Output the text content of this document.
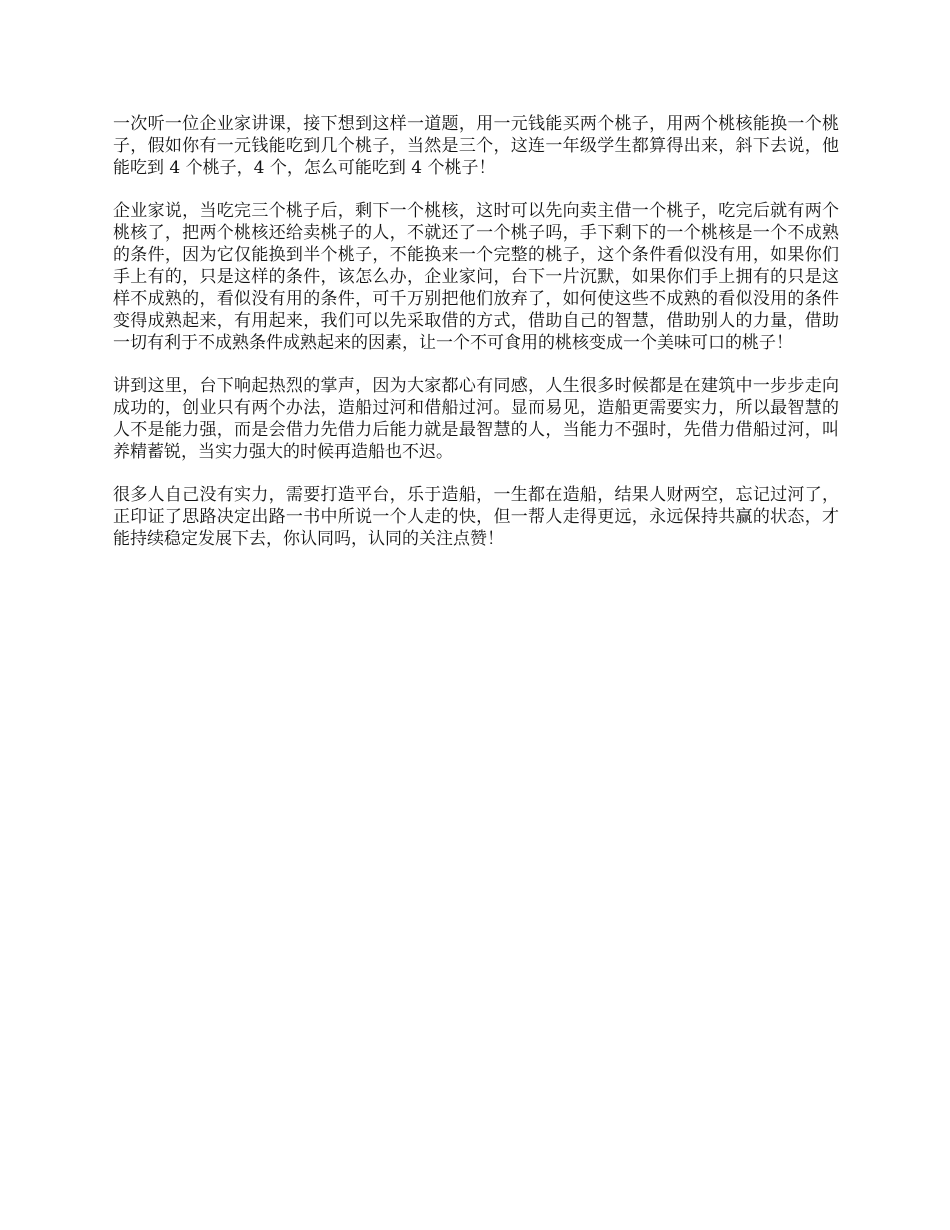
一次听一位企业家讲课，接下想到这样一道题，用一元钱能买两个桃子，用两个桃核能换一个桃子，假如你有一元钱能吃到几个桃子，当然是三个，这连一年级学生都算得出来，斜下去说，他能吃到 4 个桃子，4 个，怎么可能吃到 4 个桃子！

企业家说，当吃完三个桃子后，剩下一个桃核，这时可以先向卖主借一个桃子，吃完后就有两个桃核了，把两个桃核还给卖桃子的人，不就还了一个桃子吗，手下剩下的一个桃核是一个不成熟的条件，因为它仅能换到半个桃子，不能换来一个完整的桃子，这个条件看似没有用，如果你们手上有的，只是这样的条件，该怎么办，企业家问，台下一片沉默，如果你们手上拥有的只是这样不成熟的，看似没有用的条件，可千万别把他们放弃了，如何使这些不成熟的看似没用的条件变得成熟起来，有用起来，我们可以先采取借的方式，借助自己的智慧，借助别人的力量，借助一切有利于不成熟条件成熟起来的因素，让一个不可食用的桃核变成一个美味可口的桃子！

讲到这里，台下响起热烈的掌声，因为大家都心有同感，人生很多时候都是在建筑中一步步走向成功的，创业只有两个办法，造船过河和借船过河。显而易见，造船更需要实力，所以最智慧的人不是能力强，而是会借力先借力后能力就是最智慧的人，当能力不强时，先借力借船过河，叫养精蓄锐，当实力强大的时候再造船也不迟。

很多人自己没有实力，需要打造平台，乐于造船，一生都在造船，结果人财两空，忘记过河了，正印证了思路决定出路一书中所说一个人走的快，但一帮人走得更远，永远保持共赢的状态，才能持续稳定发展下去，你认同吗，认同的关注点赞！
